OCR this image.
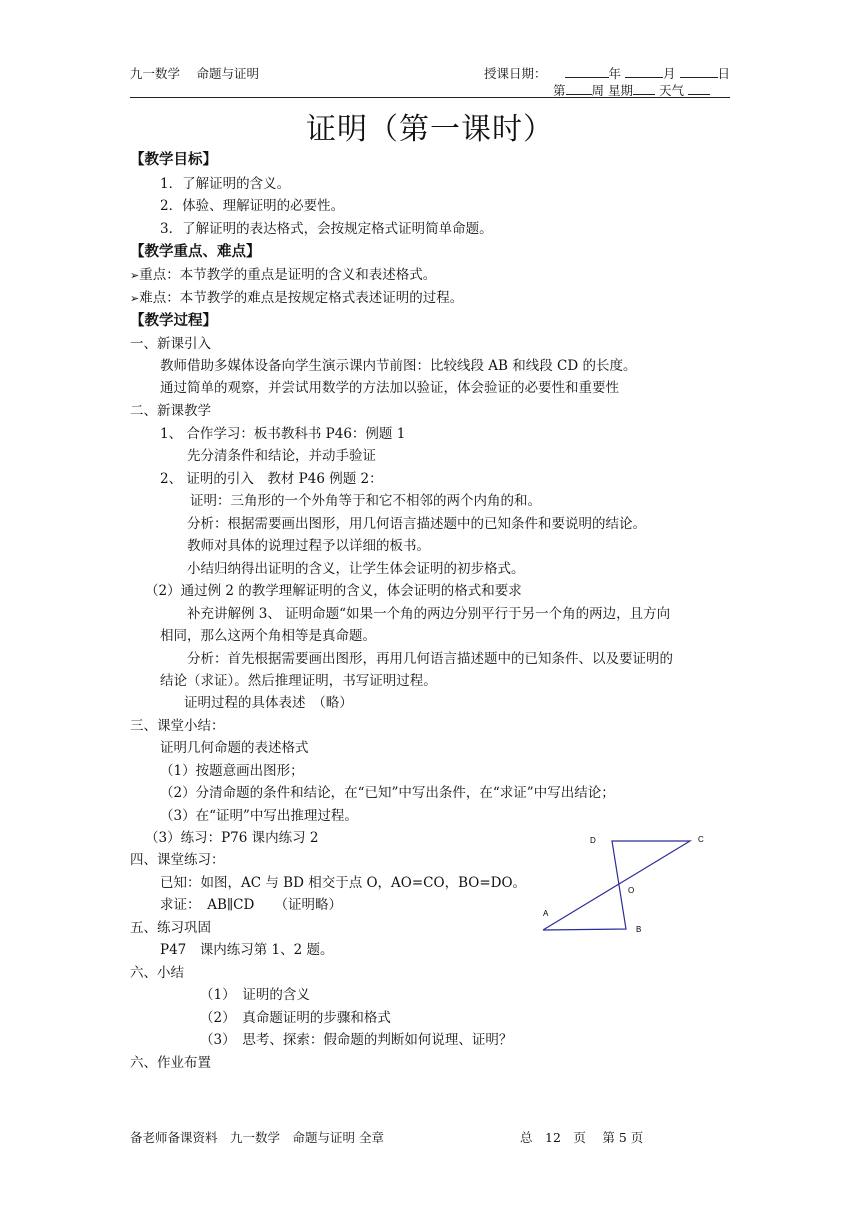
九一数学　 命题与证明	授课日期：	年	月	日
第 周 星期 天气
证明（第一课时）
【教学目标】
1．了解证明的含义。
2．体验、理解证明的必要性。
3．了解证明的表达格式，会按规定格式证明简单命题。
【教学重点、难点】
➢重点：本节教学的重点是证明的含义和表述格式。
➢难点：本节教学的难点是按规定格式表述证明的过程。
【教学过程】
一、新课引入
教师借助多媒体设备向学生演示课内节前图：比较线段 AB 和线段 CD 的长度。
通过简单的观察，并尝试用数学的方法加以验证，体会验证的必要性和重要性
二、新课教学
1、 合作学习：板书教科书 P46：例题 1
先分清条件和结论，并动手验证
2、 证明的引入　教材 P46 例题 2：
证明：三角形的一个外角等于和它不相邻的两个内角的和。
分析：根据需要画出图形，用几何语言描述题中的已知条件和要说明的结论。
教师对具体的说理过程予以详细的板书。
小结归纳得出证明的含义，让学生体会证明的初步格式。
（2）通过例 2 的教学理解证明的含义，体会证明的格式和要求
补充讲解例 3、 证明命题“如果一个角的两边分别平行于另一个角的两边，且方向
相同，那么这两个角相等是真命题。
分析：首先根据需要画出图形，再用几何语言描述题中的已知条件、以及要证明的
结论（求证）。然后推理证明，书写证明过程。
证明过程的具体表述　（略）
三、课堂小结：
证明几何命题的表述格式
（1）按题意画出图形；
（2）分清命题的条件和结论，在“已知”中写出条件，在“求证”中写出结论；
（3）在“证明”中写出推理过程。
（3）练习：P76 课内练习 2
四、课堂练习：
已知：如图，AC 与 BD 相交于点 O，AO=CO，BO=DO。
求证：　AB∥CD　　（证明略）
五、练习巩固
P47　课内练习第 1、2 题。
六、小结
（1）　证明的含义
（2）　真命题证明的步骤和格式
（3）　思考、探索：假命题的判断如何说理、证明？
六、作业布置
D	C
O
A
B
备老师备课资料　九一数学　命题与证明 全章	总　12　页　 第 5 页
